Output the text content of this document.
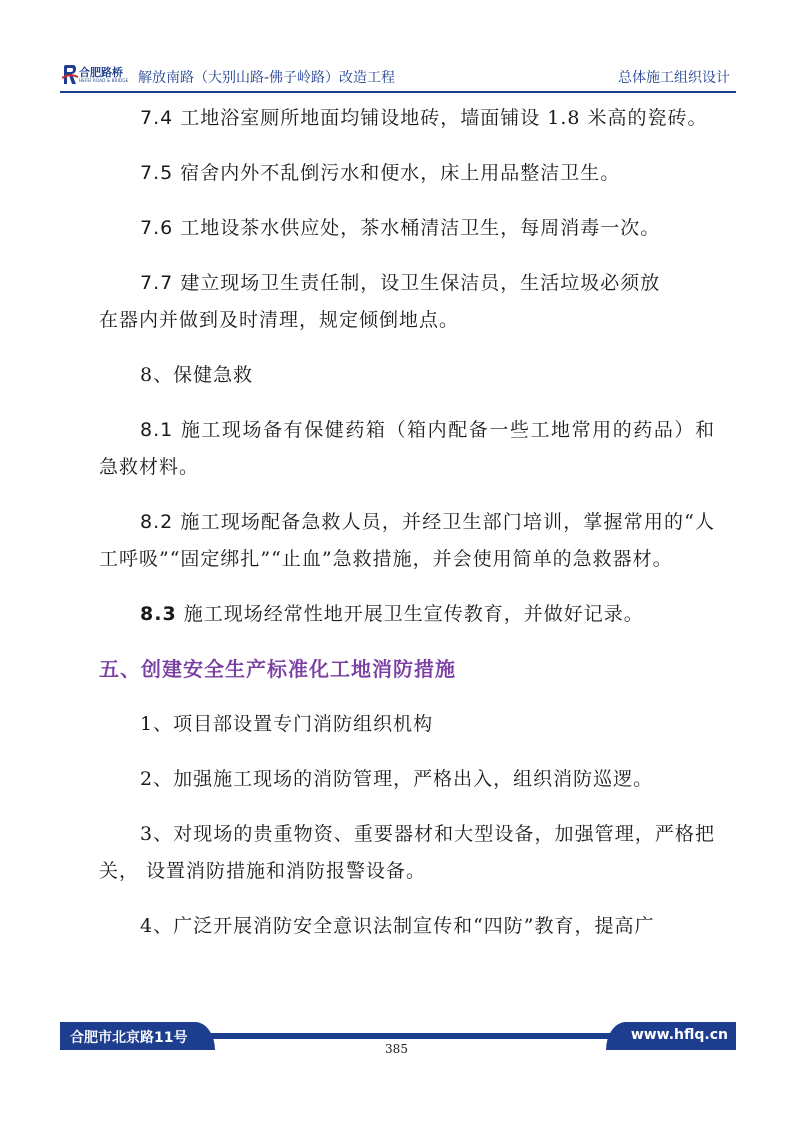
合肥路桥
HEFEI ROAD & BRIDGE 解放南路（大别山路-佛子岭路）改造工程	总体施工组织设计

7.4 工地浴室厕所地面均铺设地砖，墙面铺设 1.8 米高的瓷砖。

7.5 宿舍内外不乱倒污水和便水，床上用品整洁卫生。

7.6 工地设茶水供应处，茶水桶清洁卫生，每周消毒一次。

7.7 建立现场卫生责任制，设卫生保洁员，生活垃圾必须放
在器内并做到及时清理，规定倾倒地点。

8、保健急救

8.1 施工现场备有保健药箱（箱内配备一些工地常用的药品）和急救材料。

8.2 施工现场配备急救人员，并经卫生部门培训，掌握常用的“人工呼吸”“固定绑扎”“止血”急救措施，并会使用简单的急救器材。

8.3 施工现场经常性地开展卫生宣传教育，并做好记录。

五、创建安全生产标准化工地消防措施

1、项目部设置专门消防组织机构

2、加强施工现场的消防管理，严格出入，组织消防巡逻。

3、对现场的贵重物资、重要器材和大型设备，加强管理，严格把关， 设置消防措施和消防报警设备。

4、广泛开展消防安全意识法制宣传和“四防”教育，提高广

合肥市北京路11号	www.hflq.cn
385
